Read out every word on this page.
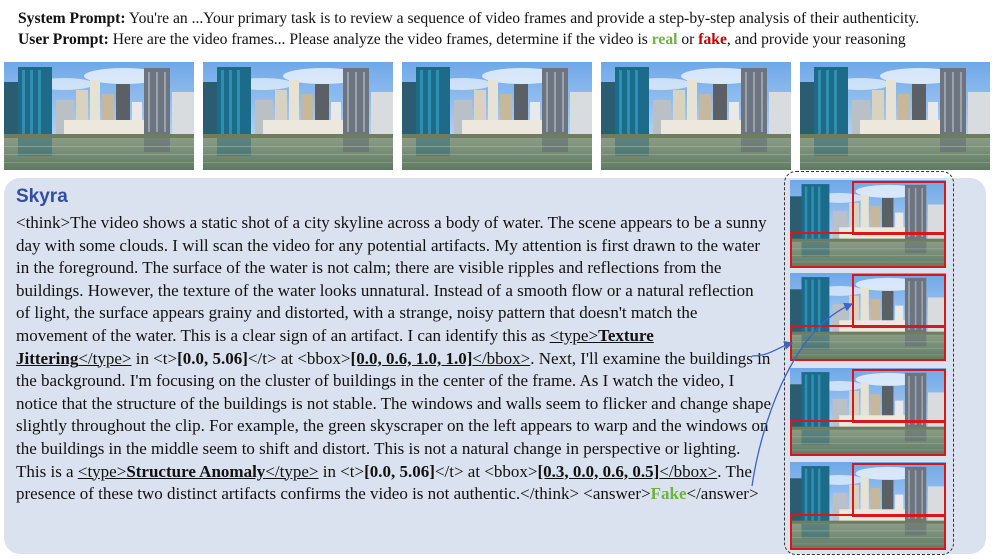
System Prompt: You're an ...Your primary task is to review a sequence of video frames and provide a step-by-step analysis of their authenticity.
User Prompt: Here are the video frames... Please analyze the video frames, determine if the video is real or fake, and provide your reasoning
Skyra
<think>The video shows a static shot of a city skyline across a body of water. The scene appears to be a sunny day with some clouds. I will scan the video for any potential artifacts. My attention is first drawn to the water in the foreground. The surface of the water is not calm; there are visible ripples and reflections from the buildings. However, the texture of the water looks unnatural. Instead of a smooth flow or a natural reflection of light, the surface appears grainy and distorted, with a strange, noisy pattern that doesn't match the movement of the water. This is a clear sign of an artifact. I can identify this as <type>Texture Jittering</type> in <t>[0.0, 5.06]</t> at <bbox>[0.0, 0.6, 1.0, 1.0]</bbox>. Next, I'll examine the buildings in the background. I'm focusing on the cluster of buildings in the center of the frame. As I watch the video, I notice that the structure of the buildings is not stable. The windows and walls seem to flicker and change shape slightly throughout the clip. For example, the green skyscraper on the left appears to warp and the windows on the buildings in the middle seem to shift and distort. This is not a natural change in perspective or lighting. This is a <type>Structure Anomaly</type> in <t>[0.0, 5.06]</t> at <bbox>[0.3, 0.0, 0.6, 0.5]</bbox>. The presence of these two distinct artifacts confirms the video is not authentic.</think> <answer>Fake</answer>
